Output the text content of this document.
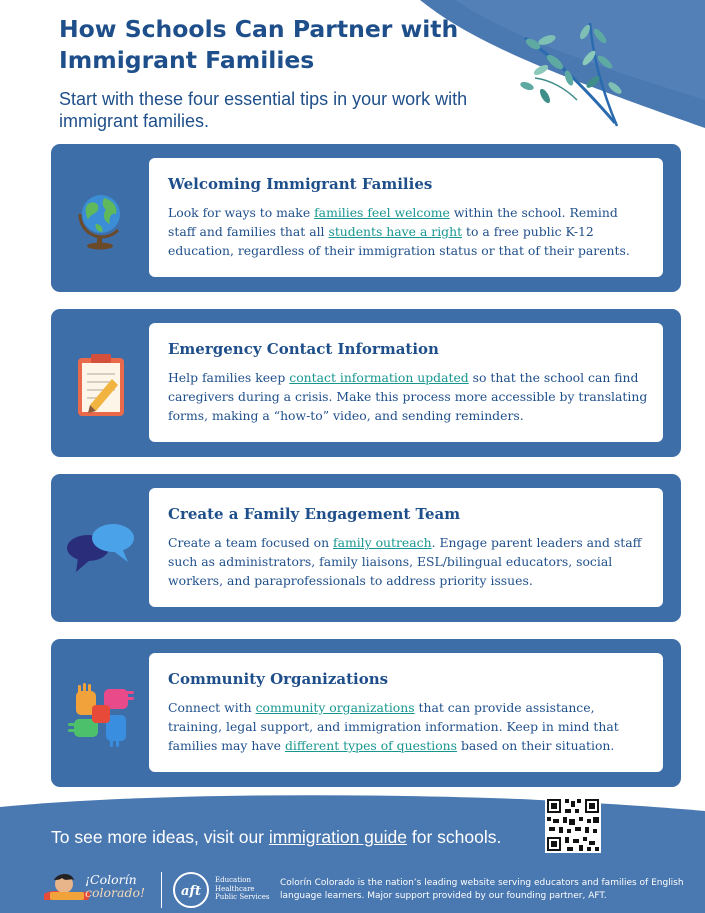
How Schools Can Partner with Immigrant Families

Start with these four essential tips in your work with immigrant families.

Welcoming Immigrant Families

Look for ways to make families feel welcome within the school. Remind staff and families that all students have a right to a free public K-12 education, regardless of their immigration status or that of their parents.

Emergency Contact Information

Help families keep contact information updated so that the school can find caregivers during a crisis. Make this process more accessible by translating forms, making a “how-to” video, and sending reminders.

Create a Family Engagement Team

Create a team focused on family outreach. Engage parent leaders and staff such as administrators, family liaisons, ESL/bilingual educators, social workers, and paraprofessionals to address priority issues.

Community Organizations

Connect with community organizations that can provide assistance, training, legal support, and immigration information. Keep in mind that families may have different types of questions based on their situation.

To see more ideas, visit our immigration guide for schools.

¡Colorín
colorado!	aft

Education
Healthcare
Public Services

Colorín Colorado is the nation’s leading website serving educators and families of English language learners. Major support provided by our founding partner, AFT.
